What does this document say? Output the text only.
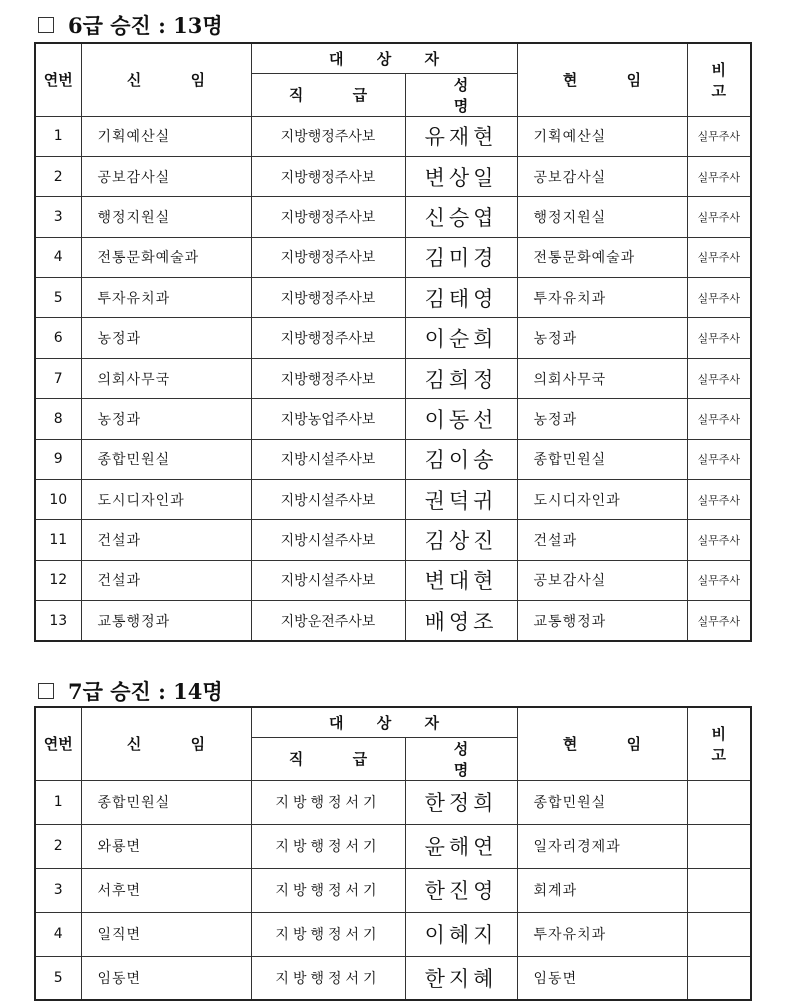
6급 승진 : 13명
연번	신 임	대 상 자		현 임	비 고
		직 급	성 명		
1	기획예산실	지방행정주사보	유재현	기획예산실	실무주사
2	공보감사실	지방행정주사보	변상일	공보감사실	실무주사
3	행정지원실	지방행정주사보	신승엽	행정지원실	실무주사
4	전통문화예술과	지방행정주사보	김미경	전통문화예술과	실무주사
5	투자유치과	지방행정주사보	김태영	투자유치과	실무주사
6	농정과	지방행정주사보	이순희	농정과	실무주사
7	의회사무국	지방행정주사보	김희정	의회사무국	실무주사
8	농정과	지방농업주사보	이동선	농정과	실무주사
9	종합민원실	지방시설주사보	김이송	종합민원실	실무주사
10	도시디자인과	지방시설주사보	권덕귀	도시디자인과	실무주사
11	건설과	지방시설주사보	김상진	건설과	실무주사
12	건설과	지방시설주사보	변대현	공보감사실	실무주사
13	교통행정과	지방운전주사보	배영조	교통행정과	실무주사
7급 승진 : 14명
연번	신 임	대 상 자		현 임	비 고
		직 급	성 명		
1	종합민원실	지방행정서기	한정희	종합민원실	
2	와룡면	지방행정서기	윤해연	일자리경제과	
3	서후면	지방행정서기	한진영	회계과	
4	일직면	지방행정서기	이혜지	투자유치과	
5	임동면	지방행정서기	한지혜	임동면	
